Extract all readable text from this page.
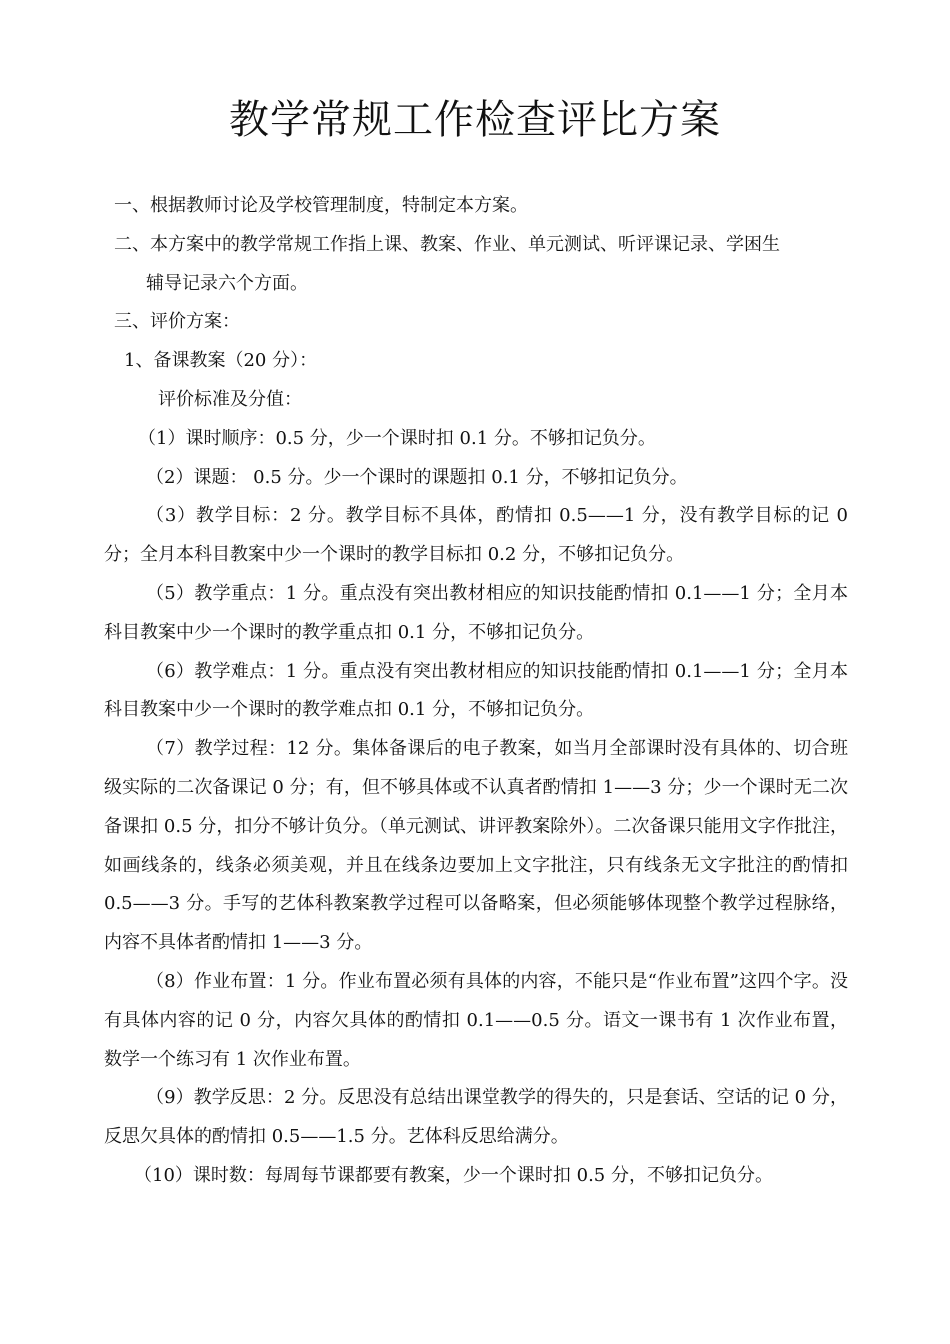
教学常规工作检查评比方案
一、根据教师讨论及学校管理制度，特制定本方案。
二、本方案中的教学常规工作指上课、教案、作业、单元测试、听评课记录、学困生
辅导记录六个方面。
三、评价方案：
1、备课教案（20 分）：
评价标准及分值：
（1）课时顺序：0.5 分，少一个课时扣 0.1 分。不够扣记负分。
（2）课题： 0.5 分。少一个课时的课题扣 0.1 分，不够扣记负分。
（3）教学目标：2 分。教学目标不具体，酌情扣 0.5——1 分，没有教学目标的记 0 分；全月本科目教案中少一个课时的教学目标扣 0.2 分，不够扣记负分。
（5）教学重点：1 分。重点没有突出教材相应的知识技能酌情扣 0.1——1 分；全月本科目教案中少一个课时的教学重点扣 0.1 分，不够扣记负分。
（6）教学难点：1 分。重点没有突出教材相应的知识技能酌情扣 0.1——1 分；全月本科目教案中少一个课时的教学难点扣 0.1 分，不够扣记负分。
（7）教学过程：12 分。集体备课后的电子教案，如当月全部课时没有具体的、切合班级实际的二次备课记 0 分；有，但不够具体或不认真者酌情扣 1——3 分；少一个课时无二次备课扣 0.5 分，扣分不够计负分。（单元测试、讲评教案除外）。二次备课只能用文字作批注，如画线条的，线条必须美观，并且在线条边要加上文字批注，只有线条无文字批注的酌情扣 0.5——3 分。手写的艺体科教案教学过程可以备略案，但必须能够体现整个教学过程脉络，内容不具体者酌情扣 1——3 分。
（8）作业布置：1 分。作业布置必须有具体的内容，不能只是“作业布置”这四个字。没有具体内容的记 0 分，内容欠具体的酌情扣 0.1——0.5 分。语文一课书有 1 次作业布置，数学一个练习有 1 次作业布置。
（9）教学反思：2 分。反思没有总结出课堂教学的得失的，只是套话、空话的记 0 分，反思欠具体的酌情扣 0.5——1.5 分。艺体科反思给满分。
（10）课时数：每周每节课都要有教案，少一个课时扣 0.5 分，不够扣记负分。
